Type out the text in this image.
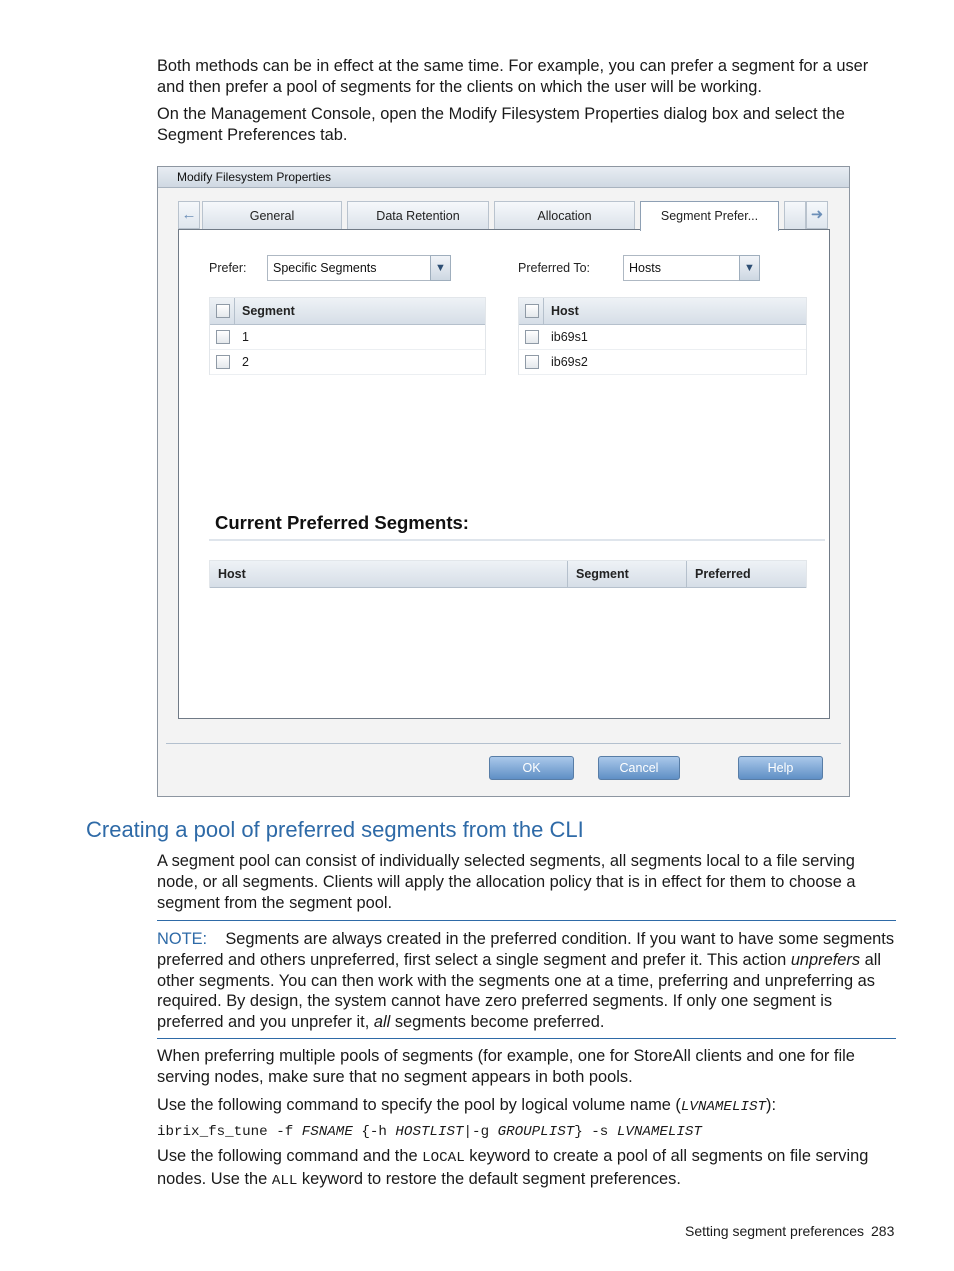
Both methods can be in effect at the same time. For example, you can prefer a segment for a user and then prefer a pool of segments for the clients on which the user will be working.
On the Management Console, open the Modify Filesystem Properties dialog box and select the Segment Preferences tab.
Modify Filesystem Properties
←	General	Data Retention	Allocation	Segment Prefer...	➜
Prefer:	Specific Segments	▼	Preferred To:	Hosts	▼
Segment
1
2
Host
ib69s1
ib69s2
Current Preferred Segments:
Host	Segment	Preferred
OK	Cancel	Help
Creating a pool of preferred segments from the CLI
A segment pool can consist of individually selected segments, all segments local to a file serving node, or all segments. Clients will apply the allocation policy that is in effect for them to choose a segment from the segment pool.
NOTE: Segments are always created in the preferred condition. If you want to have some segments preferred and others unpreferred, first select a single segment and prefer it. This action unprefers all other segments. You can then work with the segments one at a time, preferring and unpreferring as required. By design, the system cannot have zero preferred segments. If only one segment is preferred and you unprefer it, all segments become preferred.
When preferring multiple pools of segments (for example, one for StoreAll clients and one for file serving nodes, make sure that no segment appears in both pools.
Use the following command to specify the pool by logical volume name (LVNAMELIST):
ibrix_fs_tune -f FSNAME {-h HOSTLIST|-g GROUPLIST} -s LVNAMELIST
Use the following command and the LOCAL keyword to create a pool of all segments on file serving nodes. Use the ALL keyword to restore the default segment preferences.
Setting segment preferences 283
